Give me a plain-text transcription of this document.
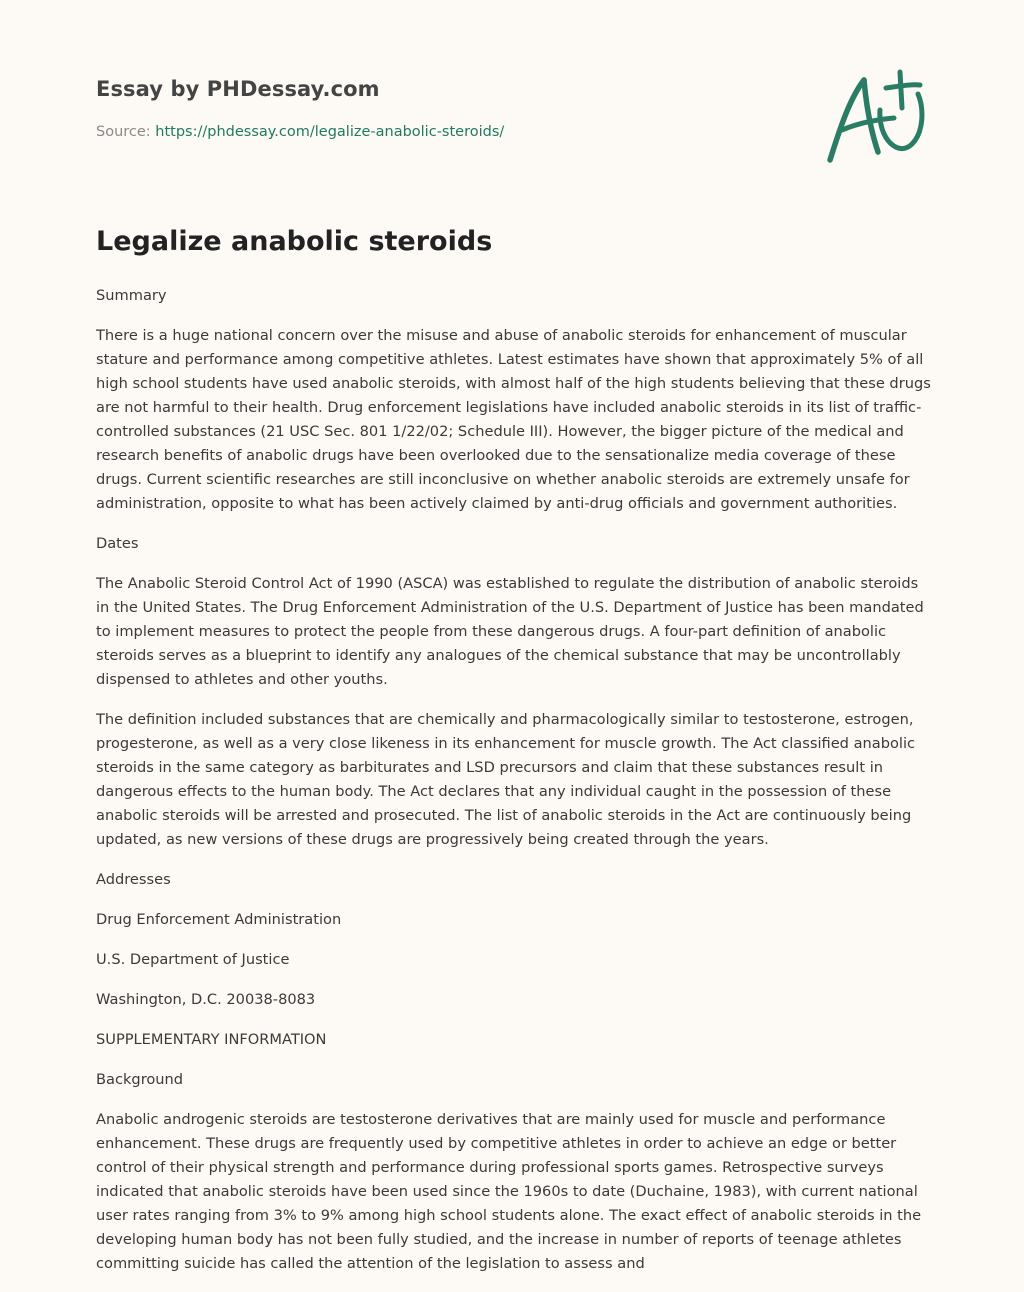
Essay by PHDessay.com

Source: https://phdessay.com/legalize-anabolic-steroids/

Legalize anabolic steroids

Summary

There is a huge national concern over the misuse and abuse of anabolic steroids for enhancement of muscular stature and performance among competitive athletes. Latest estimates have shown that approximately 5% of all high school students have used anabolic steroids, with almost half of the high students believing that these drugs are not harmful to their health. Drug enforcement legislations have included anabolic steroids in its list of traffic-controlled substances (21 USC Sec. 801 1/22/02; Schedule III). However, the bigger picture of the medical and research benefits of anabolic drugs have been overlooked due to the sensationalize media coverage of these drugs. Current scientific researches are still inconclusive on whether anabolic steroids are extremely unsafe for administration, opposite to what has been actively claimed by anti-drug officials and government authorities.

Dates

The Anabolic Steroid Control Act of 1990 (ASCA) was established to regulate the distribution of anabolic steroids in the United States. The Drug Enforcement Administration of the U.S. Department of Justice has been mandated to implement measures to protect the people from these dangerous drugs. A four-part definition of anabolic steroids serves as a blueprint to identify any analogues of the chemical substance that may be uncontrollably dispensed to athletes and other youths.

The definition included substances that are chemically and pharmacologically similar to testosterone, estrogen, progesterone, as well as a very close likeness in its enhancement for muscle growth. The Act classified anabolic steroids in the same category as barbiturates and LSD precursors and claim that these substances result in dangerous effects to the human body. The Act declares that any individual caught in the possession of these anabolic steroids will be arrested and prosecuted. The list of anabolic steroids in the Act are continuously being updated, as new versions of these drugs are progressively being created through the years.

Addresses

Drug Enforcement Administration

U.S. Department of Justice

Washington, D.C. 20038-8083

SUPPLEMENTARY INFORMATION

Background

Anabolic androgenic steroids are testosterone derivatives that are mainly used for muscle and performance enhancement. These drugs are frequently used by competitive athletes in order to achieve an edge or better control of their physical strength and performance during professional sports games. Retrospective surveys indicated that anabolic steroids have been used since the 1960s to date (Duchaine, 1983), with current national user rates ranging from 3% to 9% among high school students alone. The exact effect of anabolic steroids in the developing human body has not been fully studied, and the increase in number of reports of teenage athletes committing suicide has called the attention of the legislation to assess and
